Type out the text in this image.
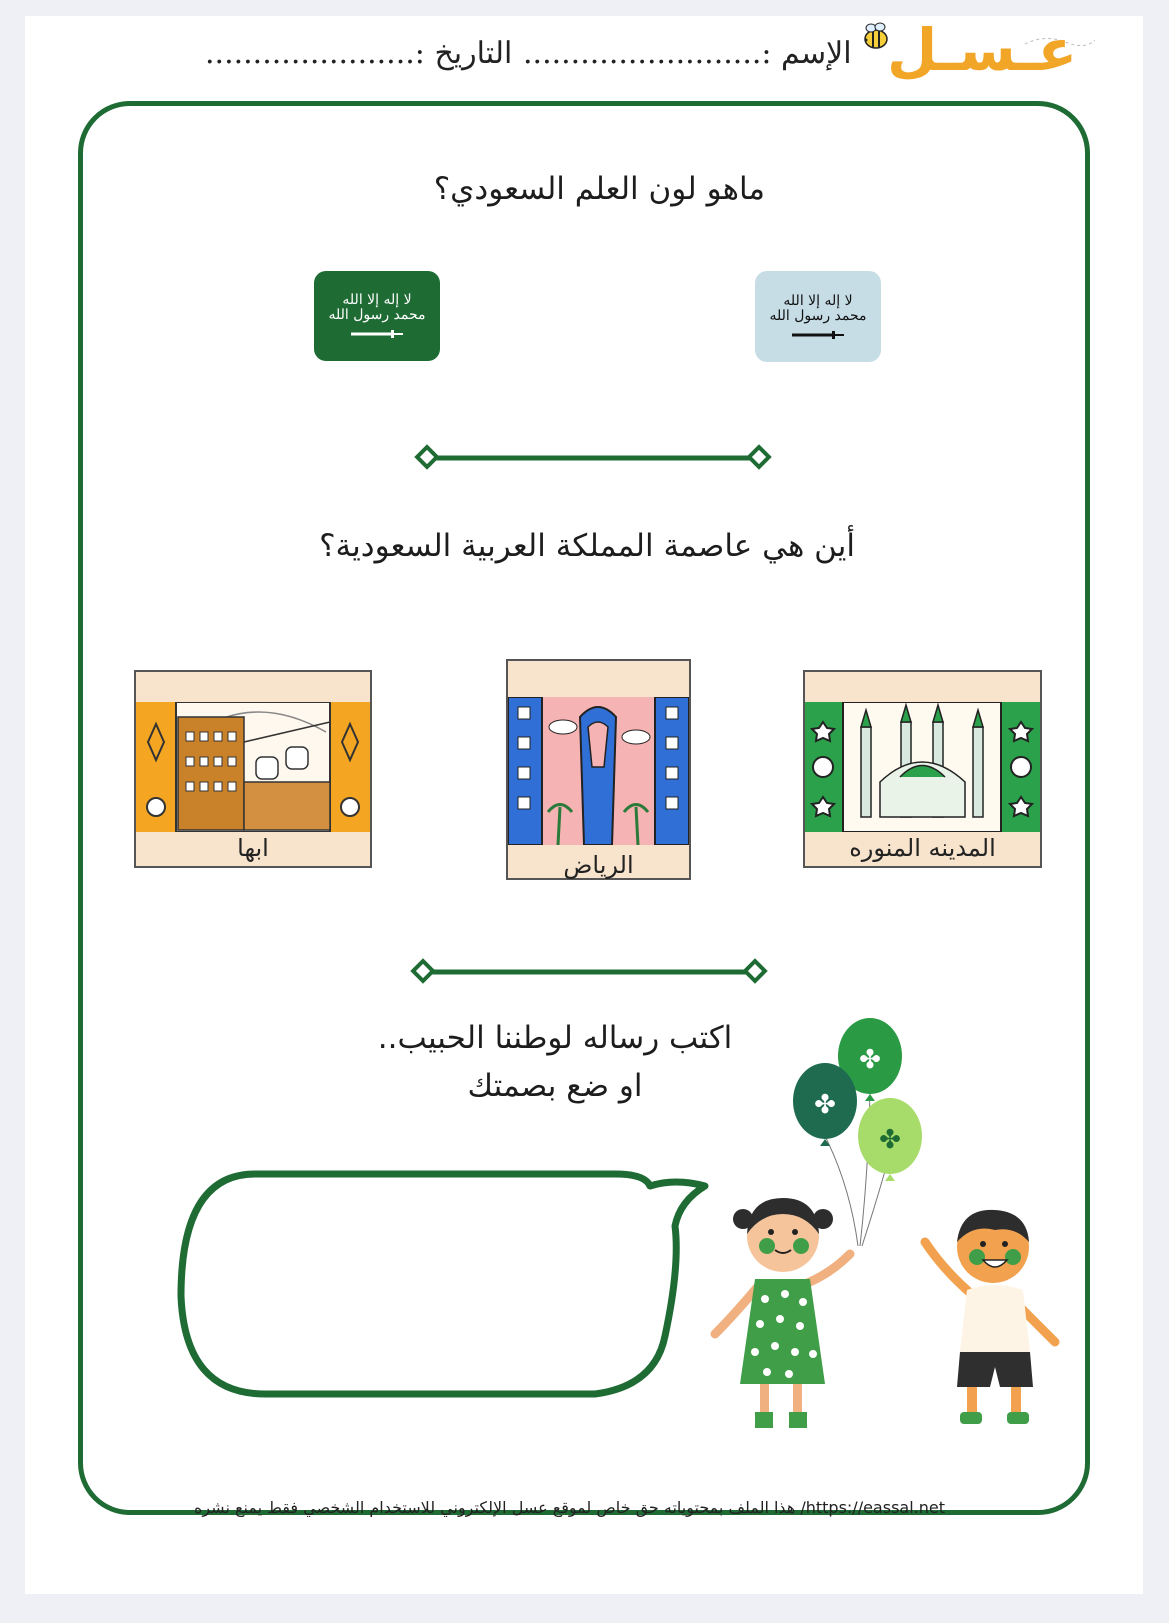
عـسـل
الإسم :.........................
التاريخ :......................
ماهو لون العلم السعودي؟
لا إله إلا الله محمد رسول الله
لا إله إلا الله محمد رسول الله
أين هي عاصمة المملكة العربية السعودية؟
ابها
الرياض
المدينه المنوره
اكتب رساله لوطننا الحبيب..
او ضع بصمتك
✤
✤
✤
https://eassal.net/ هذا الملف بمحتوياته حق خاص لموقع عسل الإلكتروني للاستخدام الشخصي فقط يمنع نشره
